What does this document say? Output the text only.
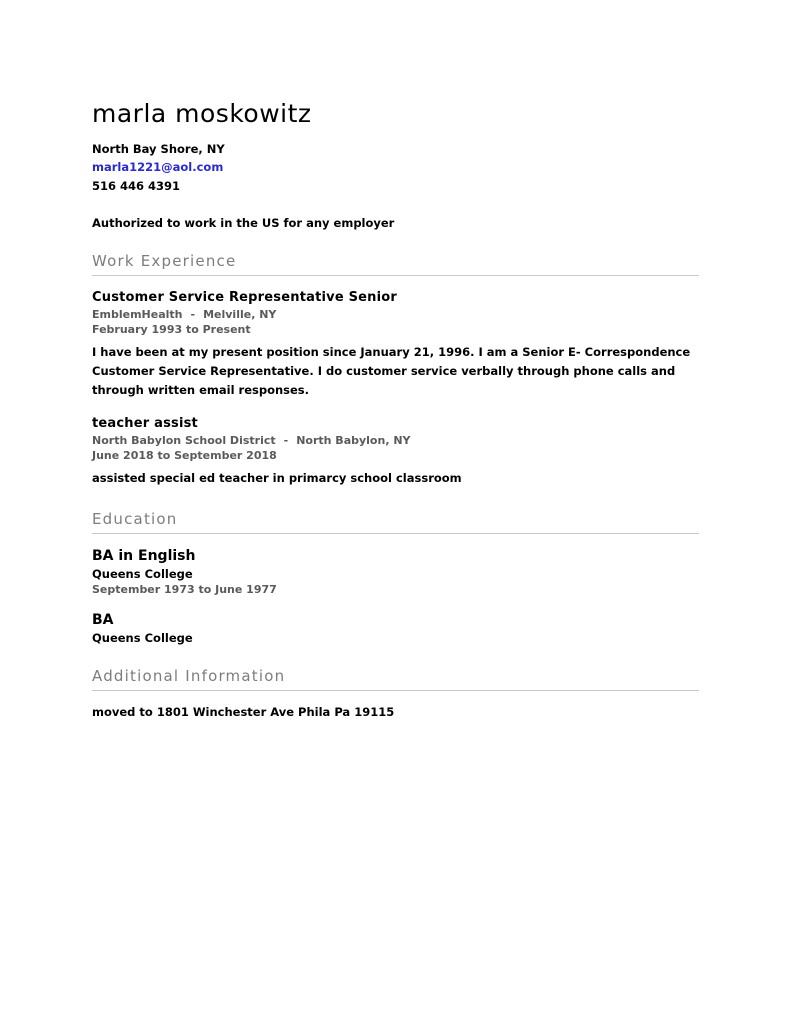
marla moskowitz

North Bay Shore, NY

marla1221@aol.com

516 446 4391

Authorized to work in the US for any employer

Work Experience

Customer Service Representative Senior

EmblemHealth - Melville, NY

February 1993 to Present

I have been at my present position since January 21, 1996. I am a Senior E- Correspondence Customer Service Representative. I do customer service verbally through phone calls and through written email responses.

teacher assist

North Babylon School District - North Babylon, NY

June 2018 to September 2018

assisted special ed teacher in primarcy school classroom

Education

BA in English

Queens College

September 1973 to June 1977

BA

Queens College

Additional Information

moved to 1801 Winchester Ave Phila Pa 19115
